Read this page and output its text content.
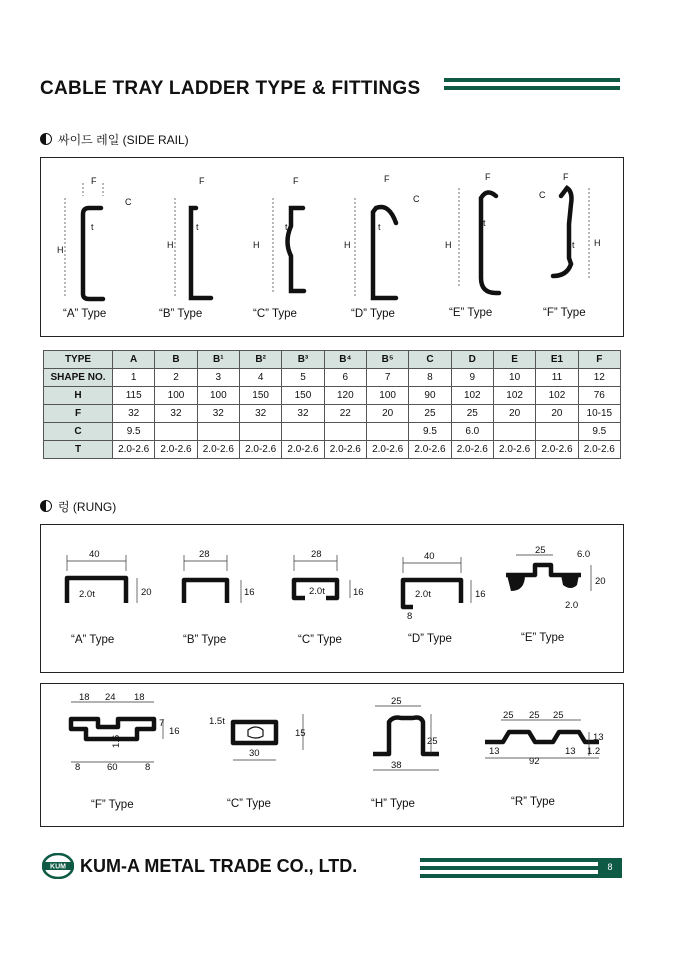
CABLE TRAY LADDER TYPE & FITTINGS
싸이드 레일 (SIDE RAIL)
F
C
t
H
F
t
H
F
t
H
F
C
t
H
F
t
H
F
C
t H
“A” Type	“B” Type	“C” Type	“D” Type	“E” Type	“F” Type
TYPE	A	B	B¹	B²	B³	B⁴	B⁵	C	D	E	E1	F
SHAPE NO.	1	2	3	4	5	6	7	8	9	10	11	12
H	115	100	100	150	150	120	100	90	102	102	102	76
F	32	32	32	32	32	22	20	25	25	20	20	10-15
C	9.5							9.5	6.0			9.5
T	2.0-2.6	2.0-2.6	2.0-2.6	2.0-2.6	2.0-2.6	2.0-2.6	2.0-2.6	2.0-2.6	2.0-2.6	2.0-2.6	2.0-2.6	2.0-2.6
렁 (RUNG)
40
2.0t	20
28
16
28
2.0t	16
40
2.0t	16
8
25	6.0
20
2.0
“A” Type	“B” Type	“C” Type	“D” Type	“E” Type
18 24 18
7
16
1.6
8	60	8
1.5t
30
15
25
38
25
25 25 25
13
1.2
13
92
13
“F” Type	“C” Type	“H” Type	“R” Type
KUM KUM-A METAL TRADE CO., LTD.	8
